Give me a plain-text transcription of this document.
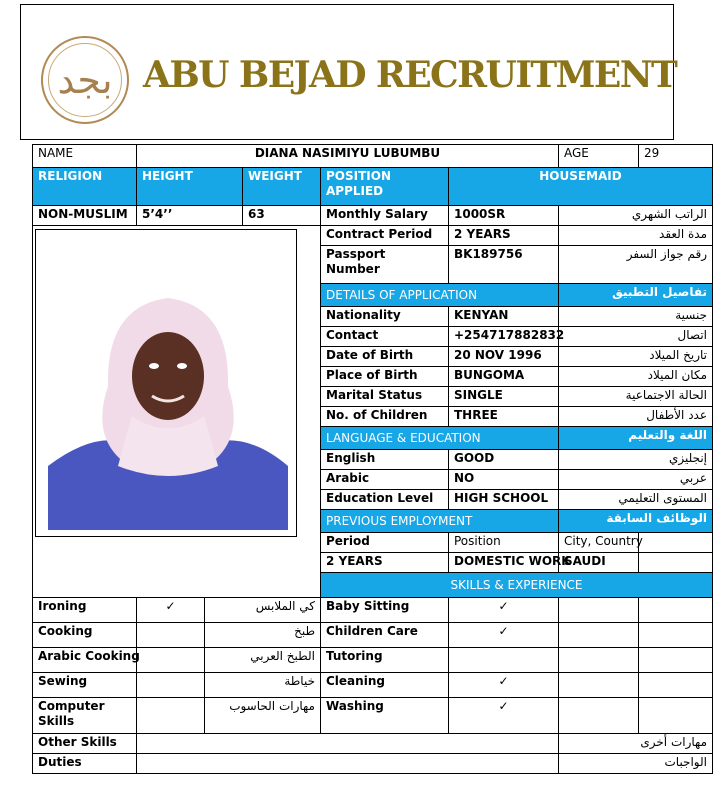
بجد ABU BEJAD RECRUITMENT
NAME	DIANA NASIMIYU LUBUMBU					AGE	29	
RELIGION	HEIGHT		WEIGHT	POSITION APPLIED	HOUSEMAID			
NON-MUSLIM	5’4’’		63	Monthly Salary	1000SR	الراتب الشهري		

	Contract Period	2 YEARS	مدة العقد		
				Passport Number	BK189756	رقم جواز السفر		
				DETAILS OF APPLICATION		تفاصيل التطبيق		
				Nationality	KENYAN	جنسية		
				Contact	+254717882832	اتصال		
				Date of Birth	20 NOV 1996	تاريخ الميلاد		
				Place of Birth	BUNGOMA	مكان الميلاد		
				Marital Status	SINGLE	الحالة الاجتماعية		
				No. of Children	THREE	عدد الأطفال		
				LANGUAGE & EDUCATION		اللغة والتعليم		
				English	GOOD	إنجليزي		
				Arabic	NO	عربي		
				Education Level	HIGH SCHOOL	المستوى التعليمي		
				PREVIOUS EMPLOYMENT		الوظائف السابقة		
				Period	Position	City, Country		
				2 YEARS	DOMESTIC WORK	SAUDI		
				SKILLS & EXPERIENCE	
Ironing	✓	كي الملابس		Baby Sitting	✓			
Cooking		طبخ		Children Care	✓			
Arabic Cooking		الطبخ العربي		Tutoring				
Sewing		خياطة		Cleaning	✓			
Computer Skills		مهارات الحاسوب		Washing	✓			
Other Skills						مهارات أخرى		
Duties						الواجبات		
